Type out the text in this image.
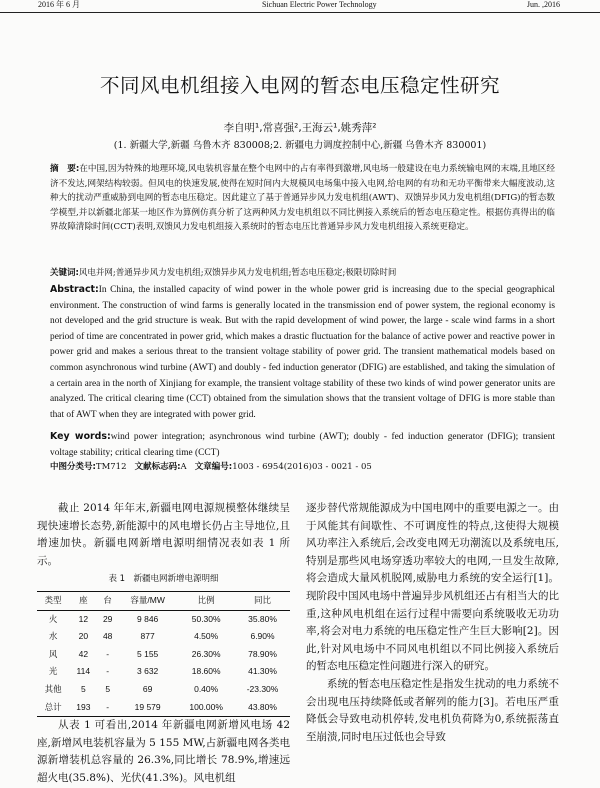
2016 年 6 月	Sichuan Electric Power Technology	Jun. ,2016
不同风电机组接入电网的暂态电压稳定性研究
李自明¹,常喜强²,王海云¹,姚秀萍²
(1. 新疆大学,新疆 乌鲁木齐 830008;2. 新疆电力调度控制中心,新疆 乌鲁木齐 830001)
摘　要:在中国,因为特殊的地理环境,风电装机容量在整个电网中的占有率得到激增,风电场一般建设在电力系统输电网的末端,且地区经济不发达,网架结构较弱。但风电的快速发展,使得在短时间内大规模风电场集中接入电网,给电网的有功和无功平衡带来大幅度波动,这种大的扰动严重威胁到电网的暂态电压稳定。因此建立了基于普通异步风力发电机组(AWT)、双馈异步风力发电机组(DFIG)的暂态数学模型,并以新疆北部某一地区作为算例仿真分析了这两种风力发电机组以不同比例接入系统后的暂态电压稳定性。根据仿真得出的临界故障清除时间(CCT)表明,双馈风力发电机组接入系统时的暂态电压比普通异步风力发电机组接入系统更稳定。
关键词:风电并网;普通异步风力发电机组;双馈异步风力发电机组;暂态电压稳定;极限切除时间
Abstract:In China, the installed capacity of wind power in the whole power grid is increasing due to the special geographical environment. The construction of wind farms is generally located in the transmission end of power system, the regional economy is not developed and the grid structure is weak. But with the rapid development of wind power, the large - scale wind farms in a short period of time are concentrated in power grid, which makes a drastic fluctuation for the balance of active power and reactive power in power grid and makes a serious threat to the transient voltage stability of power grid. The transient mathematical models based on common asynchronous wind turbine (AWT) and doubly - fed induction generator (DFIG) are established, and taking the simulation of a certain area in the north of Xinjiang for example, the transient voltage stability of these two kinds of wind power generator units are analyzed. The critical clearing time (CCT) obtained from the simulation shows that the transient voltage of DFIG is more stable than that of AWT when they are integrated with power grid.
Key words:wind power integration; asynchronous wind turbine (AWT); doubly - fed induction generator (DFIG); transient voltage stability; critical clearing time (CCT)
中图分类号:TM712 文献标志码:A 文章编号:1003 - 6954(2016)03 - 0021 - 05

截止 2014 年年末,新疆电网电源规模整体继续呈现快速增长态势,新能源中的风电增长仍占主导地位,且增速加快。新疆电网新增电源明细情况表如表 1 所示。

表 1　新疆电网新增电源明细
类型	座	台	容量/MW	比例	同比
火	12	29	9 846	50.30%	35.80%
水	20	48	877	4.50%	6.90%
风	42	-	5 155	26.30%	78.90%
光	114	-	3 632	18.60%	41.30%
其他	5	5	69	0.40%	-23.30%
总计	193	-	19 579	100.00%	43.80%

从表 1 可看出,2014 年新疆电网新增风电场 42 座,新增风电装机容量为 5 155 MW,占新疆电网各类电源新增装机总容量的 26.3%,同比增长 78.9%,增速远超火电(35.8%)、光伏(41.3%)。风电机组

逐步替代常规能源成为中国电网中的重要电源之一。由于风能其有间歇性、不可调度性的特点,这使得大规模风功率注入系统后,会改变电网无功潮流以及系统电压,特别是那些风电场穿透功率较大的电网,一旦发生故障,将会造成大量风机脱网,威胁电力系统的安全运行[1]。现阶段中国风电场中普遍异步风机组还占有相当大的比重,这种风电机组在运行过程中需要向系统吸收无功功率,将会对电力系统的电压稳定性产生巨大影响[2]。因此,针对风电场中不同风电机组以不同比例接入系统后的暂态电压稳定性问题进行深入的研究。

系统的暂态电压稳定性是指发生扰动的电力系统不会出现电压持续降低或者解列的能力[3]。若电压严重降低会导致电动机停转,发电机负荷降为0,系统振荡直至崩溃,同时电压过低也会导致
